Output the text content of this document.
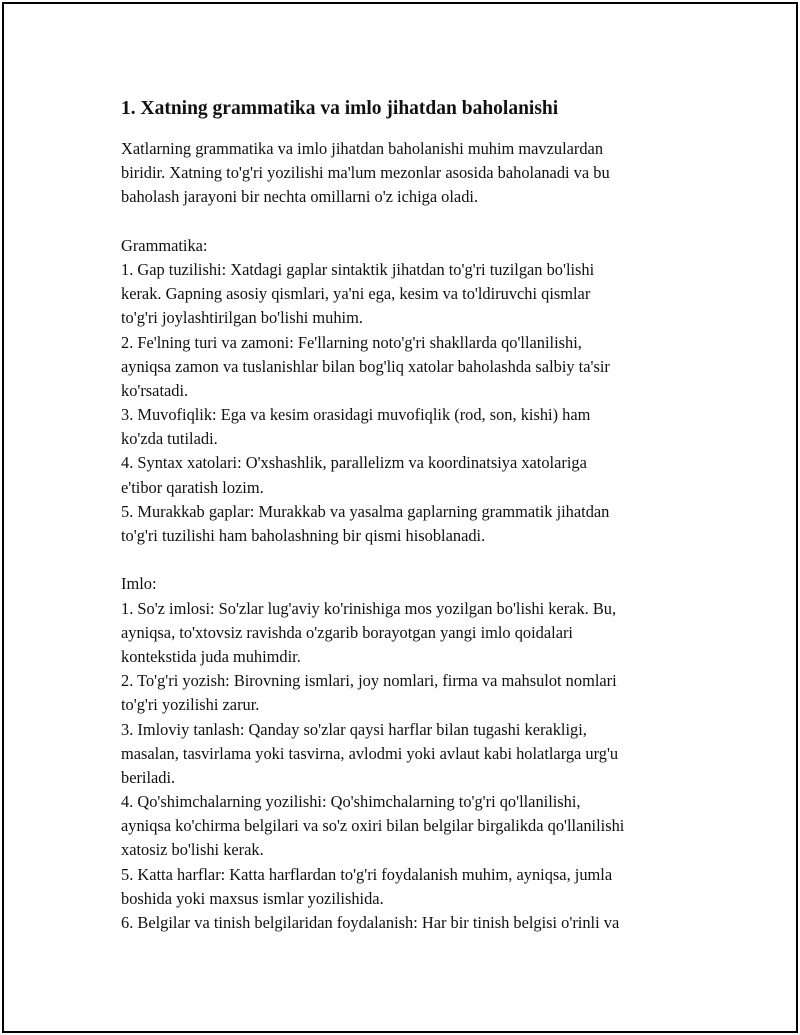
1. Xatning grammatika va imlo jihatdan baholanishi
Xatlarning grammatika va imlo jihatdan baholanishi muhim mavzulardan
biridir. Xatning to'g'ri yozilishi ma'lum mezonlar asosida baholanadi va bu
baholash jarayoni bir nechta omillarni o'z ichiga oladi.
Grammatika:
1. Gap tuzilishi: Xatdagi gaplar sintaktik jihatdan to'g'ri tuzilgan bo'lishi
kerak. Gapning asosiy qismlari, ya'ni ega, kesim va to'ldiruvchi qismlar
to'g'ri joylashtirilgan bo'lishi muhim.
2. Fe'lning turi va zamoni: Fe'llarning noto'g'ri shakllarda qo'llanilishi,
ayniqsa zamon va tuslanishlar bilan bog'liq xatolar baholashda salbiy ta'sir
ko'rsatadi.
3. Muvofiqlik: Ega va kesim orasidagi muvofiqlik (rod, son, kishi) ham
ko'zda tutiladi.
4. Syntax xatolari: O'xshashlik, parallelizm va koordinatsiya xatolariga
e'tibor qaratish lozim.
5. Murakkab gaplar: Murakkab va yasalma gaplarning grammatik jihatdan
to'g'ri tuzilishi ham baholashning bir qismi hisoblanadi.
Imlo:
1. So'z imlosi: So'zlar lug'aviy ko'rinishiga mos yozilgan bo'lishi kerak. Bu,
ayniqsa, to'xtovsiz ravishda o'zgarib borayotgan yangi imlo qoidalari
kontekstida juda muhimdir.
2. To'g'ri yozish: Birovning ismlari, joy nomlari, firma va mahsulot nomlari
to'g'ri yozilishi zarur.
3. Imloviy tanlash: Qanday so'zlar qaysi harflar bilan tugashi kerakligi,
masalan, tasvirlama yoki tasvirna, avlodmi yoki avlaut kabi holatlarga urg'u
beriladi.
4. Qo'shimchalarning yozilishi: Qo'shimchalarning to'g'ri qo'llanilishi,
ayniqsa ko'chirma belgilari va so'z oxiri bilan belgilar birgalikda qo'llanilishi
xatosiz bo'lishi kerak.
5. Katta harflar: Katta harflardan to'g'ri foydalanish muhim, ayniqsa, jumla
boshida yoki maxsus ismlar yozilishida.
6. Belgilar va tinish belgilaridan foydalanish: Har bir tinish belgisi o'rinli va
